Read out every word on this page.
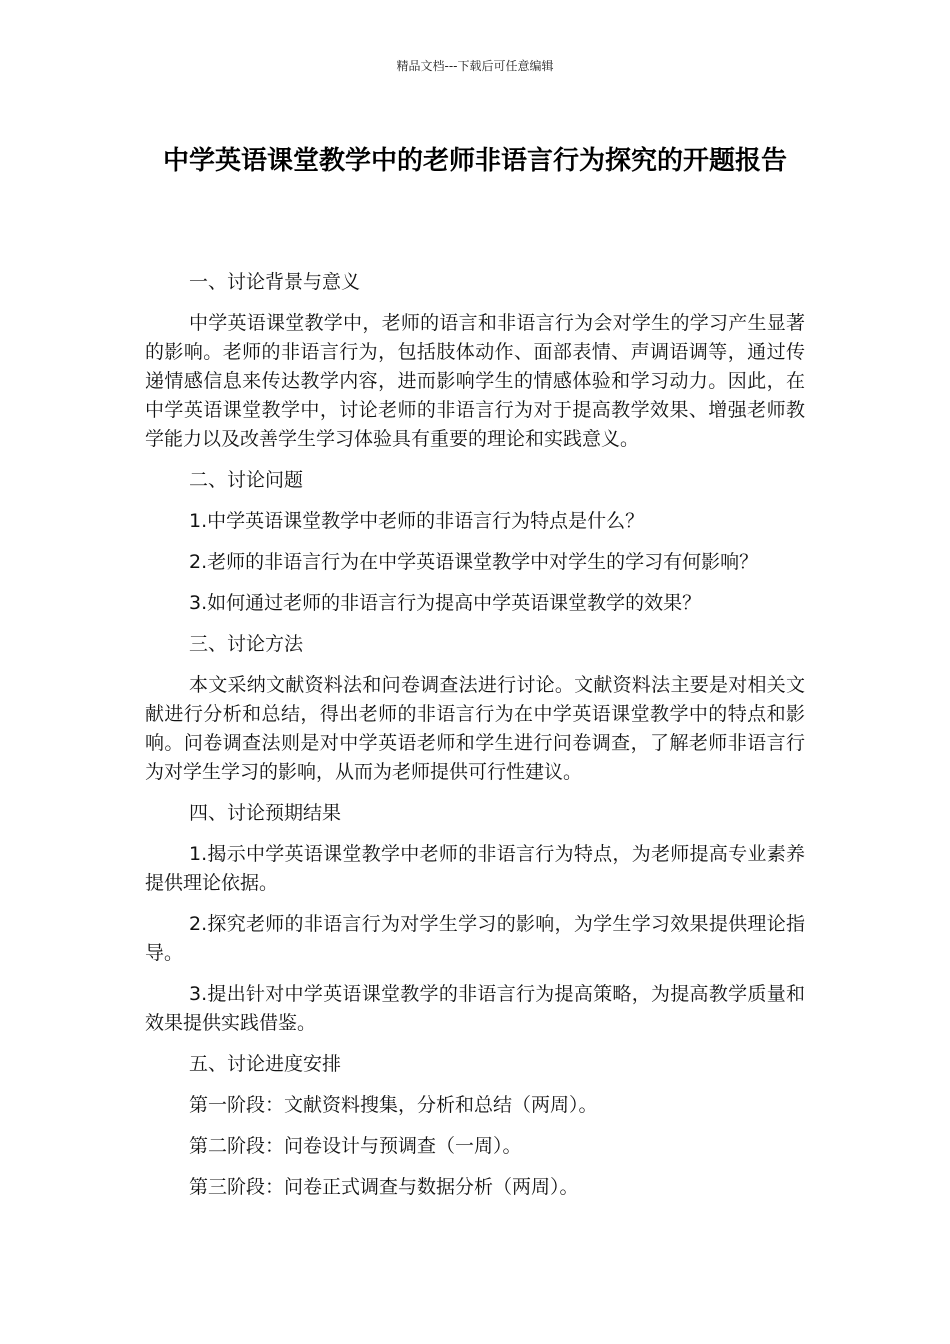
精品文档---下载后可任意编辑
中学英语课堂教学中的老师非语言行为探究的开题报告

一、讨论背景与意义

中学英语课堂教学中，老师的语言和非语言行为会对学生的学习产生显著的影响。老师的非语言行为，包括肢体动作、面部表情、声调语调等，通过传递情感信息来传达教学内容，进而影响学生的情感体验和学习动力。因此，在中学英语课堂教学中，讨论老师的非语言行为对于提高教学效果、增强老师教学能力以及改善学生学习体验具有重要的理论和实践意义。

二、讨论问题

1.中学英语课堂教学中老师的非语言行为特点是什么？

2.老师的非语言行为在中学英语课堂教学中对学生的学习有何影响？

3.如何通过老师的非语言行为提高中学英语课堂教学的效果？

三、讨论方法

本文采纳文献资料法和问卷调查法进行讨论。文献资料法主要是对相关文献进行分析和总结，得出老师的非语言行为在中学英语课堂教学中的特点和影响。问卷调查法则是对中学英语老师和学生进行问卷调查，了解老师非语言行为对学生学习的影响，从而为老师提供可行性建议。

四、讨论预期结果

1.揭示中学英语课堂教学中老师的非语言行为特点，为老师提高专业素养提供理论依据。

2.探究老师的非语言行为对学生学习的影响，为学生学习效果提供理论指导。

3.提出针对中学英语课堂教学的非语言行为提高策略，为提高教学质量和效果提供实践借鉴。

五、讨论进度安排

第一阶段：文献资料搜集，分析和总结（两周）。

第二阶段：问卷设计与预调查（一周）。

第三阶段：问卷正式调查与数据分析（两周）。
